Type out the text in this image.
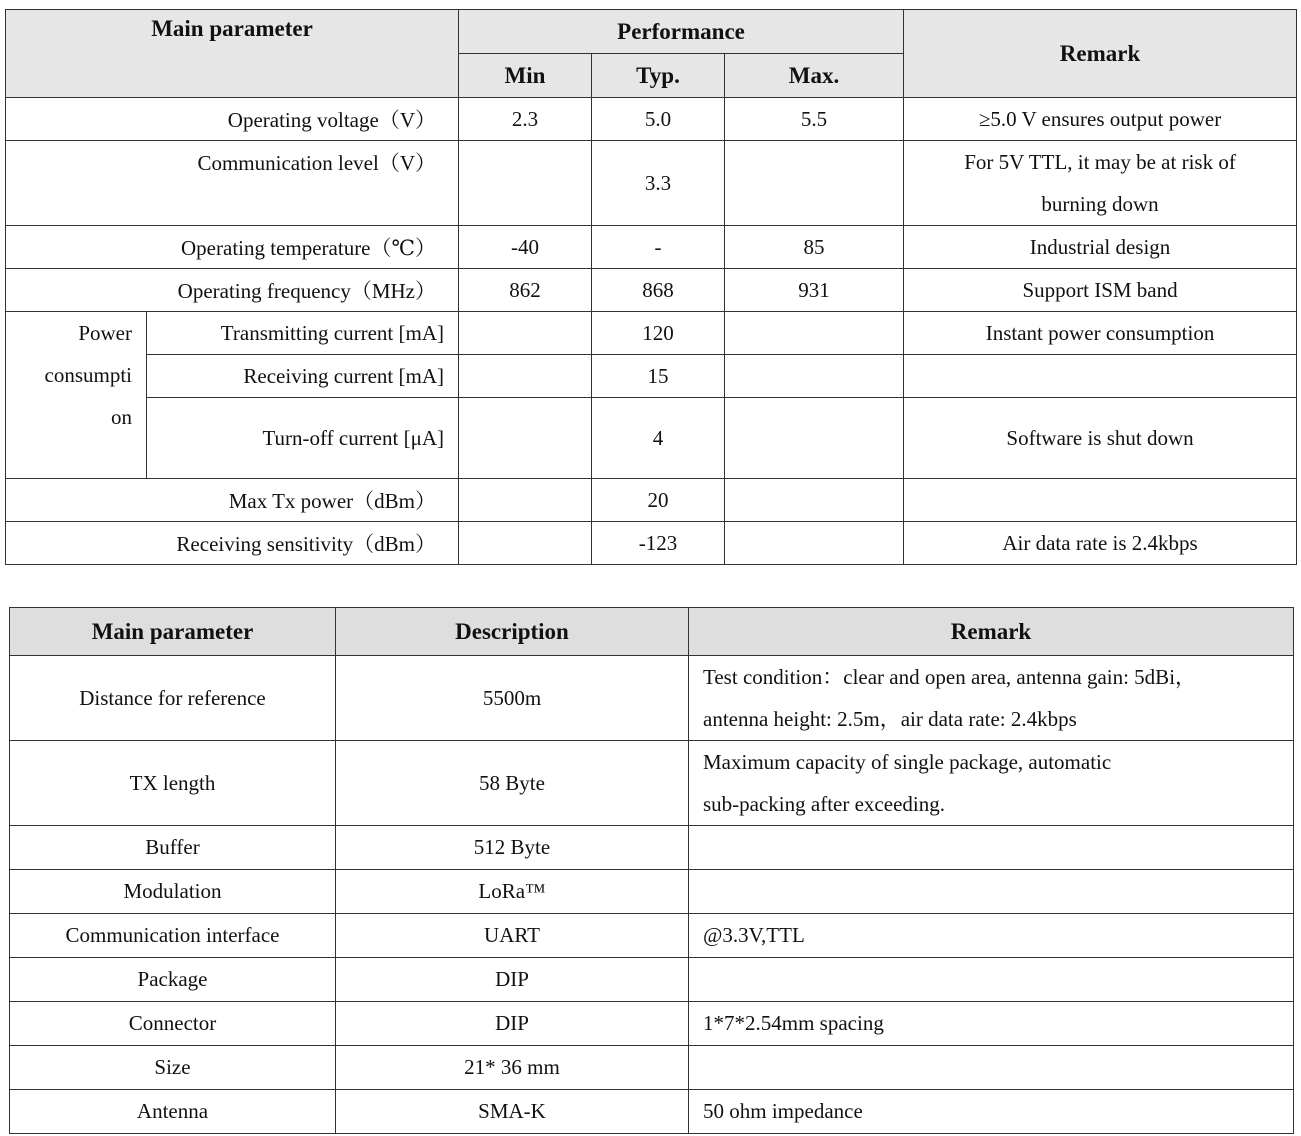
Main parameter		Performance			Remark
		Min	Typ.	Max.	
Operating voltage（V）		2.3	5.0	5.5	≥5.0 V ensures output power
Communication level（V）			3.3		For 5V TTL, it may be at risk of
burning down

Operating temperature（℃）		-40	-	85	Industrial design
Operating frequency（MHz）		862	868	931	Support ISM band

Power
consumpti
on	Transmitting current [mA]		120		Instant power consumption
	Receiving current [mA]		15		
	Turn-off current [μA]		4		Software is shut down
Max Tx power（dBm）			20		
Receiving sensitivity（dBm）			-123		Air data rate is 2.4kbps
Main parameter	Description	Remark
Distance for reference	5500m	Test condition：clear and open area, antenna gain: 5dBi，
antenna height: 2.5m，air data rate: 2.4kbps

TX length	58 Byte	Maximum capacity of single package, automatic
sub-packing after exceeding.

Buffer	512 Byte	
Modulation	LoRa™	
Communication interface	UART	@3.3V,TTL
Package	DIP	
Connector	DIP	1*7*2.54mm spacing
Size	21* 36 mm	
Antenna	SMA-K	50 ohm impedance
